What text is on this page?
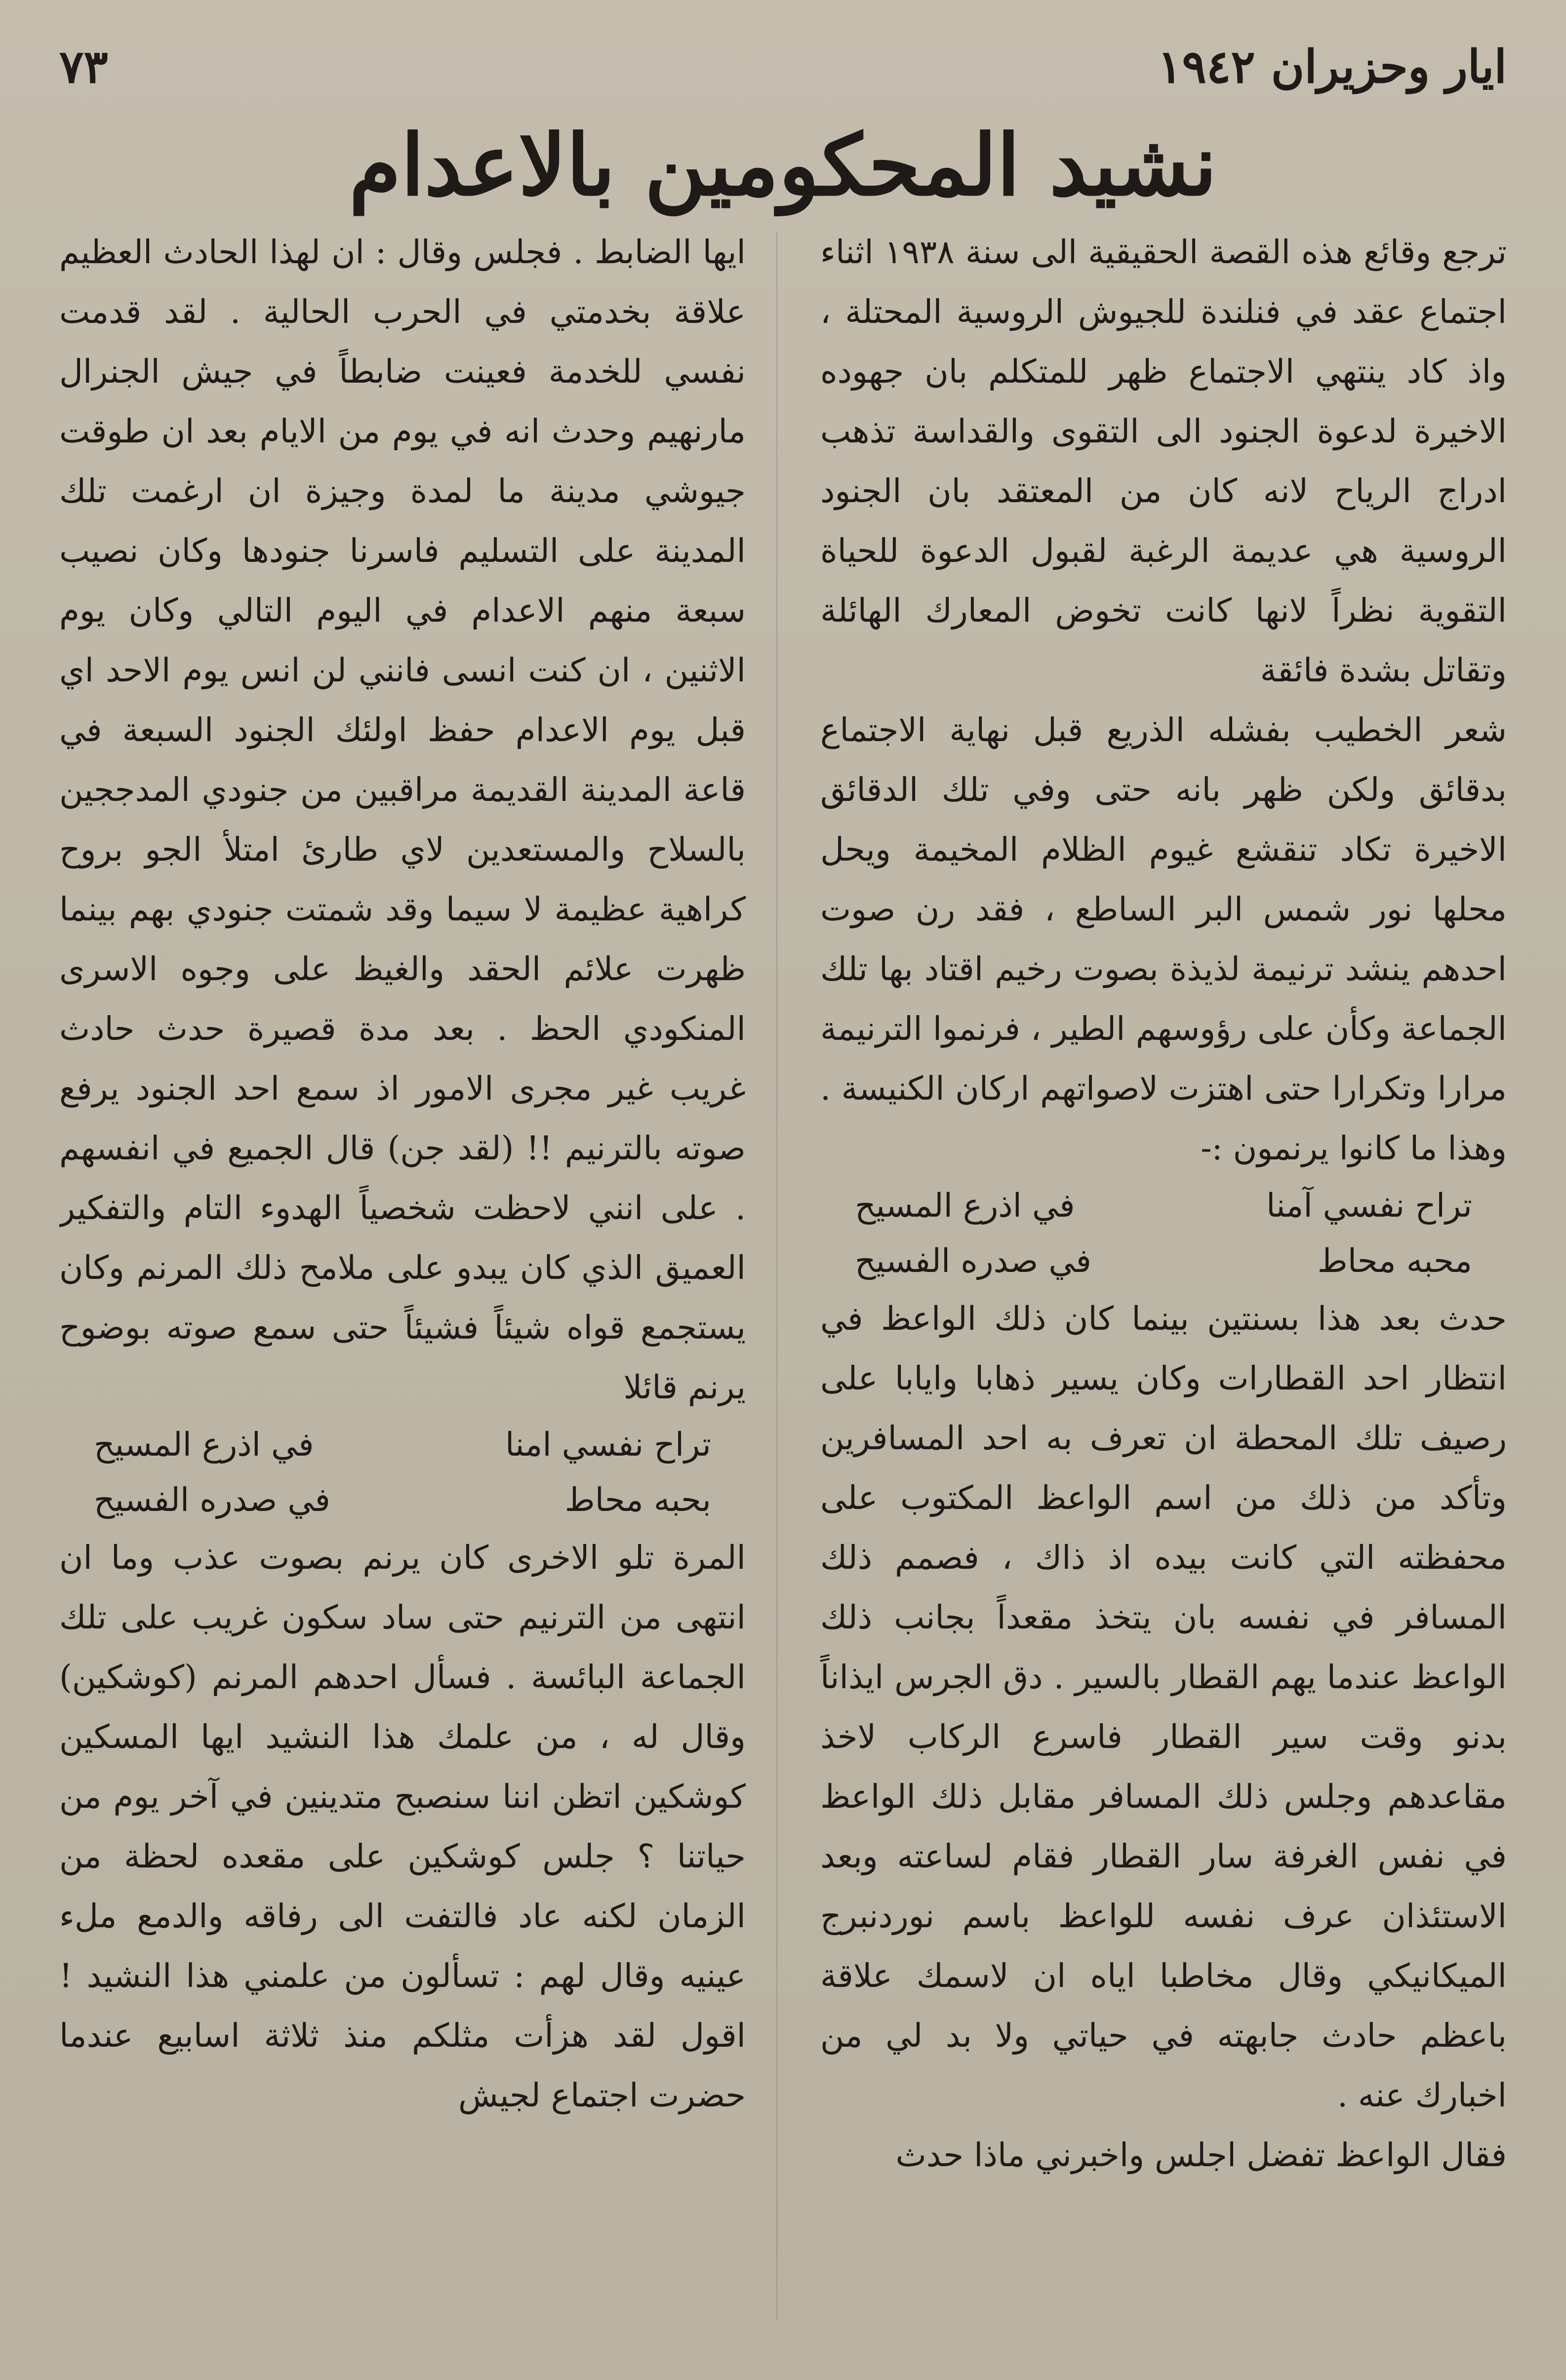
ايار وحزيران ١٩٤٢
٧٣
نشيد المحكومين بالاعدام

ترجع وقائع هذه القصة الحقيقية الى سنة ١٩٣٨ اثناء اجتماع عقد في فنلندة للجيوش الروسية المحتلة ، واذ كاد ينتهي الاجتماع ظهر للمتكلم بان جهوده الاخيرة لدعوة الجنود الى التقوى والقداسة تذهب ادراج الرياح لانه كان من المعتقد بان الجنود الروسية هي عديمة الرغبة لقبول الدعوة للحياة التقوية نظراً لانها كانت تخوض المعارك الهائلة وتقاتل بشدة فائقة

شعر الخطيب بفشله الذريع قبل نهاية الاجتماع بدقائق ولكن ظهر بانه حتى وفي تلك الدقائق الاخيرة تكاد تنقشع غيوم الظلام المخيمة ويحل محلها نور شمس البر الساطع ، فقد رن صوت احدهم ينشد ترنيمة لذيذة بصوت رخيم اقتاد بها تلك الجماعة وكأن على رؤوسهم الطير ، فرنموا الترنيمة مرارا وتكرارا حتى اهتزت لاصواتهم اركان الكنيسة . وهذا ما كانوا يرنمون :-

تراح نفسي آمنا
في اذرع المسيح
محبه محاط
في صدره الفسيح

حدث بعد هذا بسنتين بينما كان ذلك الواعظ في انتظار احد القطارات وكان يسير ذهابا وايابا على رصيف تلك المحطة ان تعرف به احد المسافرين وتأكد من ذلك من اسم الواعظ المكتوب على محفظته التي كانت بيده اذ ذاك ، فصمم ذلك المسافر في نفسه بان يتخذ مقعداً بجانب ذلك الواعظ عندما يهم القطار بالسير . دق الجرس ايذاناً بدنو وقت سير القطار فاسرع الركاب لاخذ مقاعدهم وجلس ذلك المسافر مقابل ذلك الواعظ في نفس الغرفة سار القطار فقام لساعته وبعد الاستئذان عرف نفسه للواعظ باسم نوردنبرج الميكانيكي وقال مخاطبا اياه ان لاسمك علاقة باعظم حادث جابهته في حياتي ولا بد لي من اخبارك عنه .

فقال الواعظ تفضل اجلس واخبرني ماذا حدث

ايها الضابط . فجلس وقال : ان لهذا الحادث العظيم علاقة بخدمتي في الحرب الحالية . لقد قدمت نفسي للخدمة فعينت ضابطاً في جيش الجنرال مارنهيم وحدث انه في يوم من الايام بعد ان طوقت جيوشي مدينة ما لمدة وجيزة ان ارغمت تلك المدينة على التسليم فاسرنا جنودها وكان نصيب سبعة منهم الاعدام في اليوم التالي وكان يوم الاثنين ، ان كنت انسى فانني لن انس يوم الاحد اي قبل يوم الاعدام حفظ اولئك الجنود السبعة في قاعة المدينة القديمة مراقبين من جنودي المدججين بالسلاح والمستعدين لاي طارئ امتلأ الجو بروح كراهية عظيمة لا سيما وقد شمتت جنودي بهم بينما ظهرت علائم الحقد والغيظ على وجوه الاسرى المنكودي الحظ . بعد مدة قصيرة حدث حادث غريب غير مجرى الامور اذ سمع احد الجنود يرفع صوته بالترنيم !! (لقد جن) قال الجميع في انفسهم . على انني لاحظت شخصياً الهدوء التام والتفكير العميق الذي كان يبدو على ملامح ذلك المرنم وكان يستجمع قواه شيئاً فشيئاً حتى سمع صوته بوضوح يرنم قائلا

تراح نفسي امنا
في اذرع المسيح
بحبه محاط
في صدره الفسيح

المرة تلو الاخرى كان يرنم بصوت عذب وما ان انتهى من الترنيم حتى ساد سكون غريب على تلك الجماعة البائسة . فسأل احدهم المرنم (كوشكين) وقال له ، من علمك هذا النشيد ايها المسكين كوشكين اتظن اننا سنصبح متدينين في آخر يوم من حياتنا ؟ جلس كوشكين على مقعده لحظة من الزمان لكنه عاد فالتفت الى رفاقه والدمع ملء عينيه وقال لهم : تسألون من علمني هذا النشيد ! اقول لقد هزأت مثلكم منذ ثلاثة اسابيع عندما حضرت اجتماع لجيش
